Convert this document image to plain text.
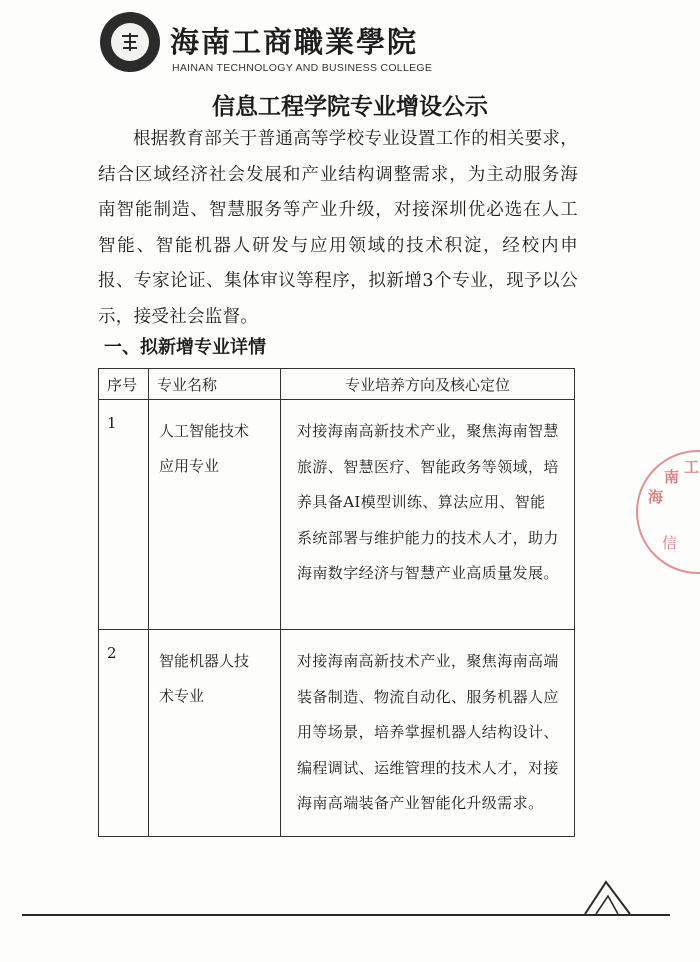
海南工商職業學院
HAINAN TECHNOLOGY AND BUSINESS COLLEGE
信息工程学院专业增设公示
根据教育部关于普通高等学校专业设置工作的相关要求，结合区域经济社会发展和产业结构调整需求，为主动服务海南智能制造、智慧服务等产业升级，对接深圳优必选在人工智能、智能机器人研发与应用领域的技术积淀，经校内申报、专家论证、集体审议等程序，拟新增3个专业，现予以公示，接受社会监督。
一、拟新增专业详情
序号	专业名称	专业培养方向及核心定位
1	人工智能技术应用专业	对接海南高新技术产业，聚焦海南智慧旅游、智慧医疗、智能政务等领域，培养具备AI模型训练、算法应用、智能系统部署与维护能力的技术人才，助力海南数字经济与智慧产业高质量发展。
2	智能机器人技术专业	对接海南高新技术产业，聚焦海南高端装备制造、物流自动化、服务机器人应用等场景，培养掌握机器人结构设计、编程调试、运维管理的技术人才，对接海南高端装备产业智能化升级需求。
海
南
工
信
